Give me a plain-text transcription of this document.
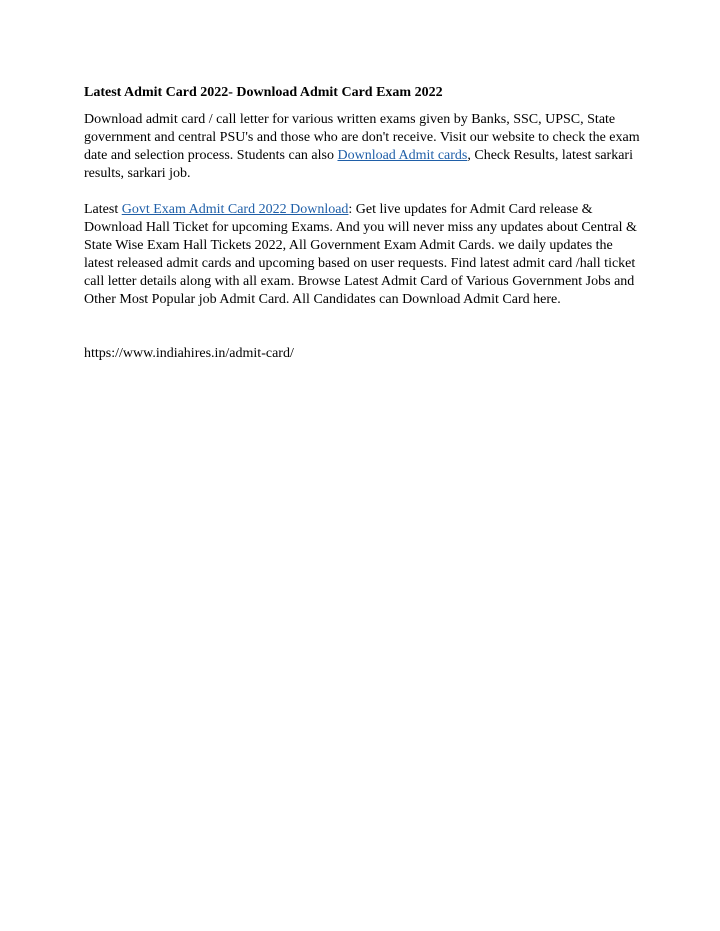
Latest Admit Card 2022- Download Admit Card Exam 2022

Download admit card / call letter for various written exams given by Banks, SSC, UPSC, State government and central PSU's and those who are don't receive. Visit our website to check the exam date and selection process. Students can also Download Admit cards, Check Results, latest sarkari results, sarkari job.

Latest Govt Exam Admit Card 2022 Download: Get live updates for Admit Card release & Download Hall Ticket for upcoming Exams. And you will never miss any updates about Central & State Wise Exam Hall Tickets 2022, All Government Exam Admit Cards. we daily updates the latest released admit cards and upcoming based on user requests. Find latest admit card /hall ticket call letter details along with all exam. Browse Latest Admit Card of Various Government Jobs and Other Most Popular job Admit Card. All Candidates can Download Admit Card here.

https://www.indiahires.in/admit-card/
